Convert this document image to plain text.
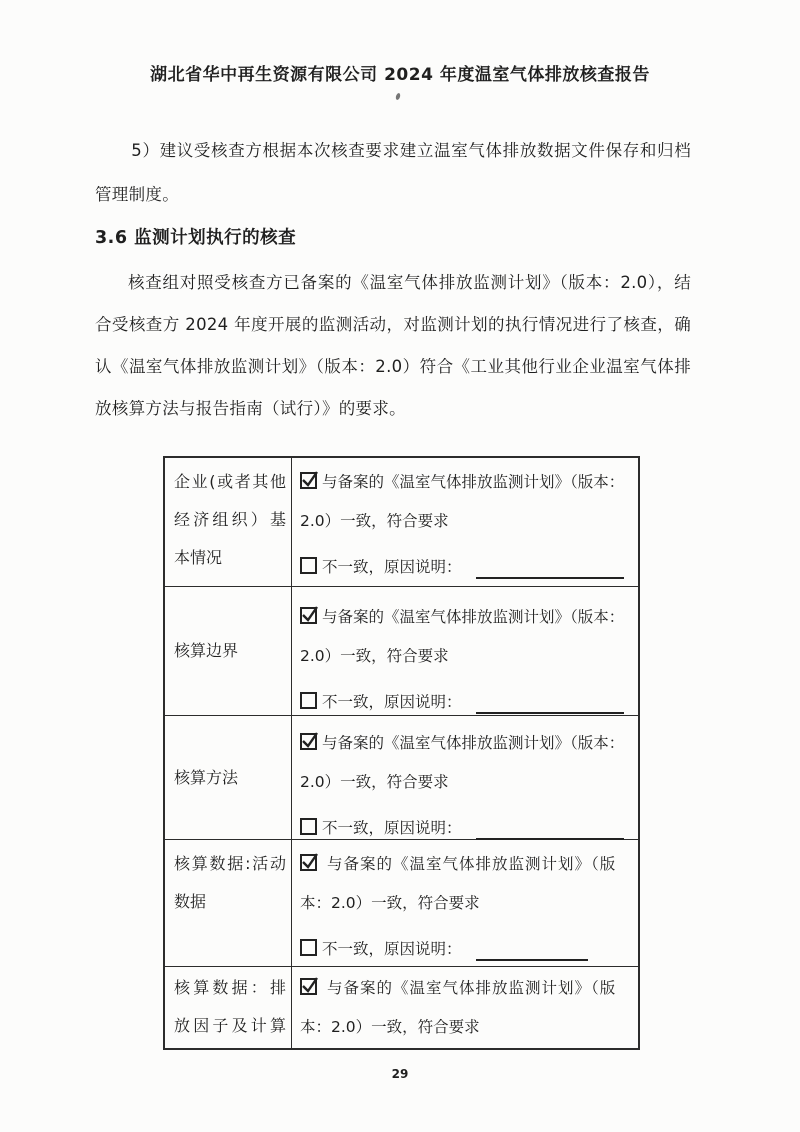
湖北省华中再生资源有限公司 2024 年度温室气体排放核查报告

5）建议受核查方根据本次核查要求建立温室气体排放数据文件保存和归档管理制度。

3.6 监测计划执行的核查

核查组对照受核查方已备案的《温室气体排放监测计划》（版本：2.0），结合受核查方 2024 年度开展的监测活动，对监测计划的执行情况进行了核查，确认《温室气体排放监测计划》（版本：2.0）符合《工业其他行业企业温室气体排放核算方法与报告指南（试行）》的要求。

企业(或者其他
经济组织）基
本情况
与备案的《温室气体排放监测计划》（版本：
2.0）一致，符合要求
不一致，原因说明：
核算边界
与备案的《温室气体排放监测计划》（版本：
2.0）一致，符合要求
不一致，原因说明：
核算方法
与备案的《温室气体排放监测计划》（版本：
2.0）一致，符合要求
不一致，原因说明：
核算数据:活动
数据
与备案的《温室气体排放监测计划》（版
本：2.0）一致，符合要求
不一致，原因说明：
核算数据：排
放因子及计算
与备案的《温室气体排放监测计划》（版
本：2.0）一致，符合要求
29
